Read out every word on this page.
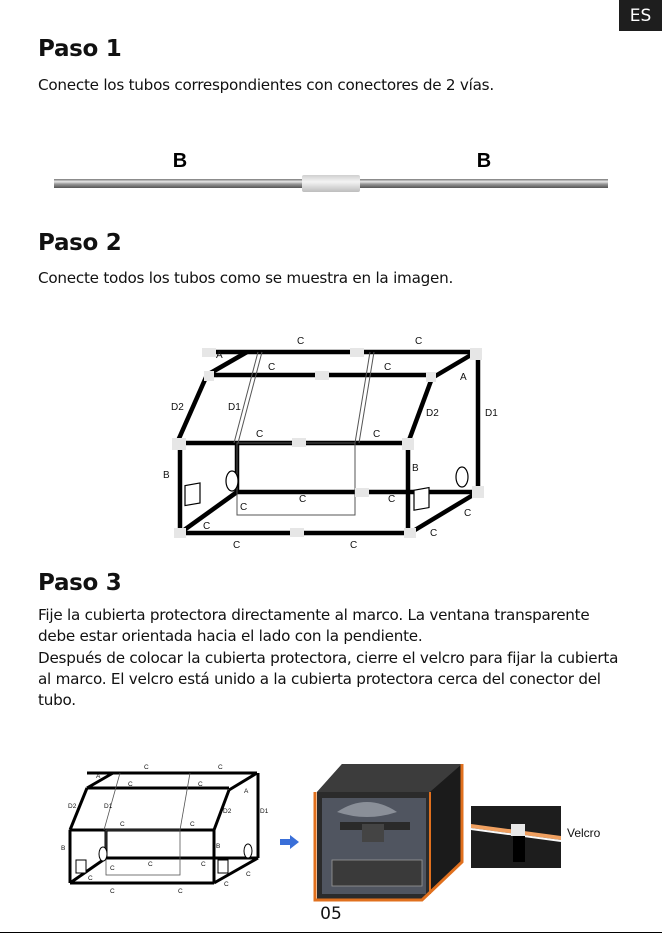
ES
Paso 1
Conecte los tubos correspondientes con conectores de 2 vías.
B	B
Paso 2
Conecte todos los tubos como se muestra en la imagen.
C	C
A
C	C
A
D2	D1
D2	D1
C	C
B
B
C	C
C
C
C
C
C	C
Paso 3
Fije la cubierta protectora directamente al marco. La ventana transparente
debe estar orientada hacia el lado con la pendiente.
Después de colocar la cubierta protectora, cierre el velcro para fijar la cubierta
al marco. El velcro está unido a la cubierta protectora cerca del conector del
tubo.
C	C
A
C	C
A
D2	D1
D2	D1
C	C
B	B
C	C
C
C
C
C
C	C
Velcro
05
